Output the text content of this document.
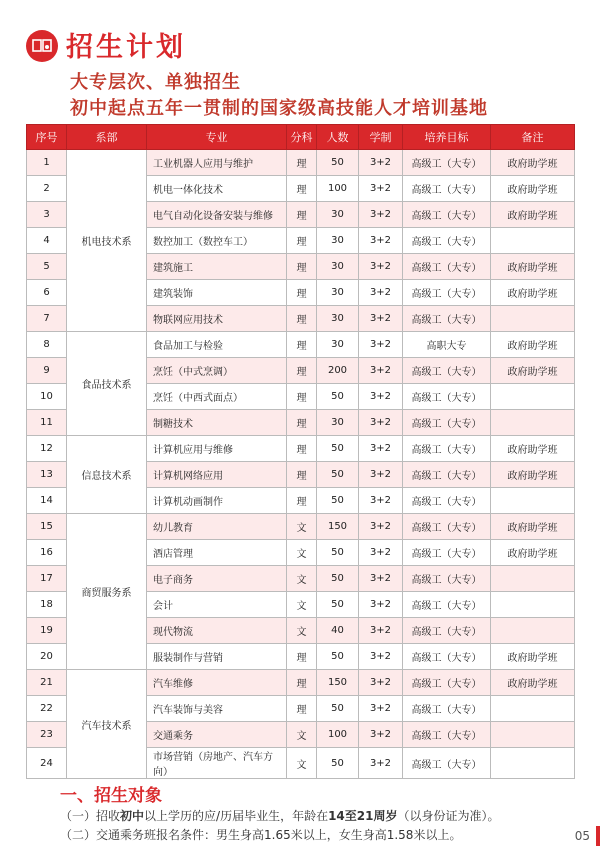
招生计划
大专层次、单独招生
初中起点五年一贯制的国家级高技能人才培训基地
序号	系部	专业	分科	人数	学制	培养目标	备注
1	机电技术系	工业机器人应用与维护	理	50	3+2	高级工（大专）	政府助学班
2		机电一体化技术	理	100	3+2	高级工（大专）	政府助学班
3		电气自动化设备安装与维修	理	30	3+2	高级工（大专）	政府助学班
4		数控加工（数控车工）	理	30	3+2	高级工（大专）	
5		建筑施工	理	30	3+2	高级工（大专）	政府助学班
6		建筑装饰	理	30	3+2	高级工（大专）	政府助学班
7		物联网应用技术	理	30	3+2	高级工（大专）	
8	食品技术系	食品加工与检验	理	30	3+2	高职大专	政府助学班
9		烹饪（中式烹调）	理	200	3+2	高级工（大专）	政府助学班
10		烹饪（中西式面点）	理	50	3+2	高级工（大专）	
11		制糖技术	理	30	3+2	高级工（大专）	
12	信息技术系	计算机应用与维修	理	50	3+2	高级工（大专）	政府助学班
13		计算机网络应用	理	50	3+2	高级工（大专）	政府助学班
14		计算机动画制作	理	50	3+2	高级工（大专）	
15	商贸服务系	幼儿教育	文	150	3+2	高级工（大专）	政府助学班
16		酒店管理	文	50	3+2	高级工（大专）	政府助学班
17		电子商务	文	50	3+2	高级工（大专）	
18		会计	文	50	3+2	高级工（大专）	
19		现代物流	文	40	3+2	高级工（大专）	
20		服装制作与营销	理	50	3+2	高级工（大专）	政府助学班
21	汽车技术系	汽车维修	理	150	3+2	高级工（大专）	政府助学班
22		汽车装饰与美容	理	50	3+2	高级工（大专）	
23		交通乘务	文	100	3+2	高级工（大专）	
24		市场营销（房地产、汽车方向）	文	50	3+2	高级工（大专）	
一、招生对象
（一）招收初中以上学历的应/历届毕业生，年龄在14至21周岁（以身份证为准）。
（二）交通乘务班报名条件：男生身高1.65米以上，女生身高1.58米以上。	05
